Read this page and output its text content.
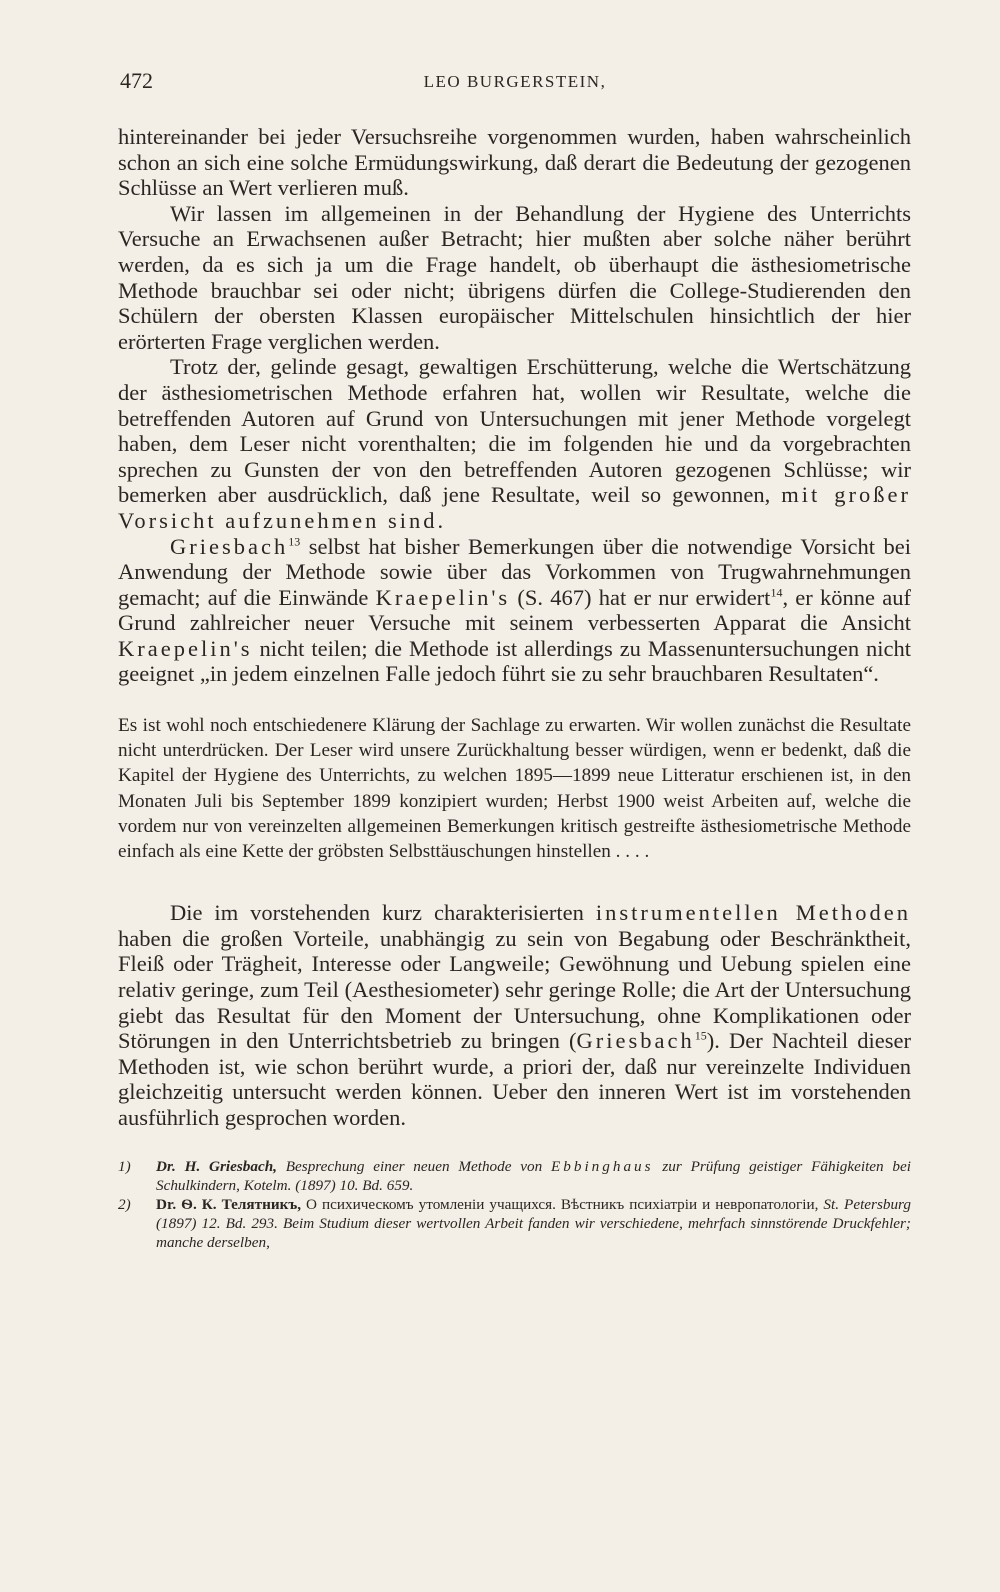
472	LEO BURGERSTEIN,

hintereinander bei jeder Versuchsreihe vorgenommen wurden, haben wahrscheinlich schon an sich eine solche Ermüdungswirkung, daß derart die Bedeutung der gezogenen Schlüsse an Wert verlieren muß.

Wir lassen im allgemeinen in der Behandlung der Hygiene des Unterrichts Versuche an Erwachsenen außer Betracht; hier mußten aber solche näher berührt werden, da es sich ja um die Frage handelt, ob überhaupt die ästhesiometrische Methode brauchbar sei oder nicht; übrigens dürfen die College-Studierenden den Schülern der obersten Klassen europäischer Mittelschulen hinsichtlich der hier erörterten Frage verglichen werden.

Trotz der, gelinde gesagt, gewaltigen Erschütterung, welche die Wertschätzung der ästhesiometrischen Methode erfahren hat, wollen wir Resultate, welche die betreffenden Autoren auf Grund von Untersuchungen mit jener Methode vorgelegt haben, dem Leser nicht vorenthalten; die im folgenden hie und da vorgebrachten sprechen zu Gunsten der von den betreffenden Autoren gezogenen Schlüsse; wir bemerken aber ausdrücklich, daß jene Resultate, weil so gewonnen, mit großer Vorsicht aufzunehmen sind.

Griesbach$^{13}$ selbst hat bisher Bemerkungen über die notwendige Vorsicht bei Anwendung der Methode sowie über das Vorkommen von Trugwahrnehmungen gemacht; auf die Einwände Kraepelin's (S. 467) hat er nur erwidert$^{14}$, er könne auf Grund zahlreicher neuer Versuche mit seinem verbesserten Apparat die Ansicht Kraepelin's nicht teilen; die Methode ist allerdings zu Massenuntersuchungen nicht geeignet „in jedem einzelnen Falle jedoch führt sie zu sehr brauchbaren Resultaten“.

Es ist wohl noch entschiedenere Klärung der Sachlage zu erwarten. Wir wollen zunächst die Resultate nicht unterdrücken. Der Leser wird unsere Zurückhaltung besser würdigen, wenn er bedenkt, daß die Kapitel der Hygiene des Unterrichts, zu welchen 1895—1899 neue Litteratur erschienen ist, in den Monaten Juli bis September 1899 konzipiert wurden; Herbst 1900 weist Arbeiten auf, welche die vordem nur von vereinzelten allgemeinen Bemerkungen kritisch gestreifte ästhesiometrische Methode einfach als eine Kette der gröbsten Selbsttäuschungen hinstellen . . . .

Die im vorstehenden kurz charakterisierten instrumentellen Methoden haben die großen Vorteile, unabhängig zu sein von Begabung oder Beschränktheit, Fleiß oder Trägheit, Interesse oder Langweile; Gewöhnung und Uebung spielen eine relativ geringe, zum Teil (Aesthesiometer) sehr geringe Rolle; die Art der Untersuchung giebt das Resultat für den Moment der Untersuchung, ohne Komplikationen oder Störungen in den Unterrichtsbetrieb zu bringen (Griesbach$^{15}$). Der Nachteil dieser Methoden ist, wie schon berührt wurde, a priori der, daß nur vereinzelte Individuen gleichzeitig untersucht werden können. Ueber den inneren Wert ist im vorstehenden ausführlich gesprochen worden.

1)	Dr. H. Griesbach, Besprechung einer neuen Methode von Ebbinghaus zur Prüfung geistiger Fähigkeiten bei Schulkindern, Kotelm. (1897) 10. Bd. 659.
2)	Dr. Ѳ. К. Телятникъ, О психическомъ утомленіи учащихся. Вѣстникъ психіатріи и невропатологіи, St. Petersburg (1897) 12. Bd. 293. Beim Studium dieser wertvollen Arbeit fanden wir verschiedene, mehrfach sinnstörende Druckfehler; manche derselben,
